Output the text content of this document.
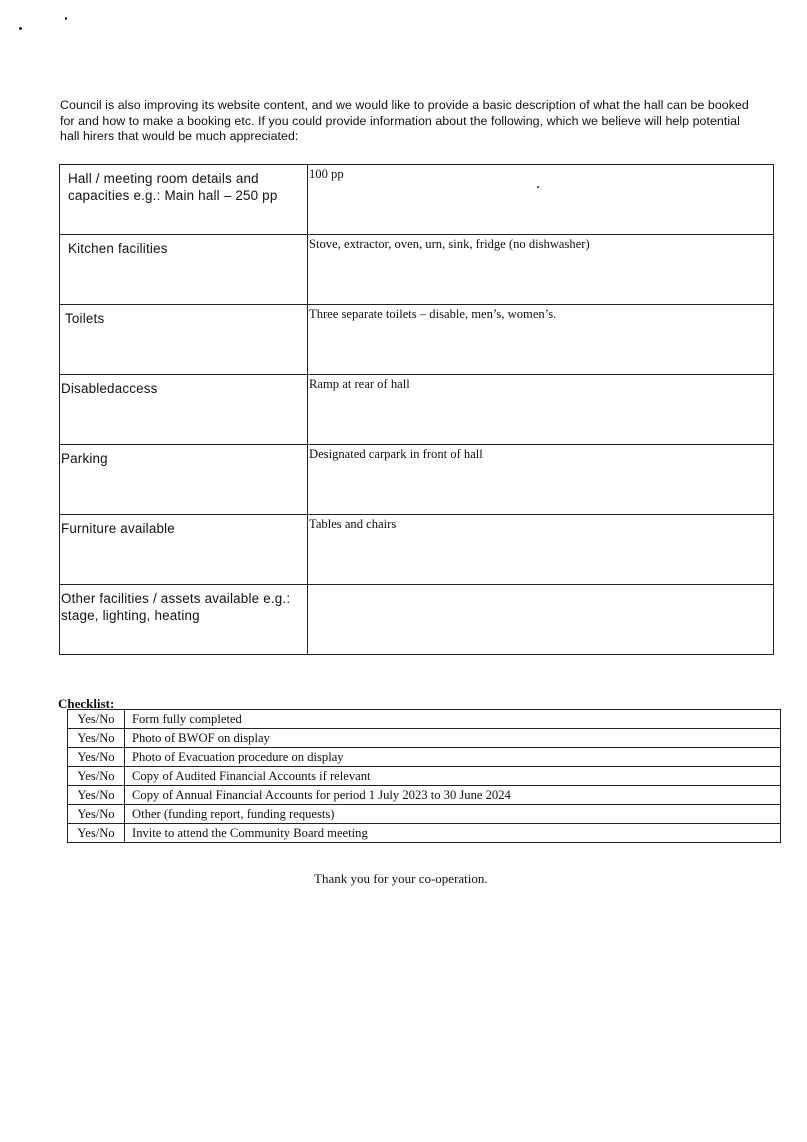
Council is also improving its website content, and we would like to provide a basic description of what the hall can be booked for and how to make a booking etc. If you could provide information about the following, which we believe will help potential hall hirers that would be much appreciated:

Hall / meeting room details and capacities e.g.: Main hall – 250 pp	100 pp

Kitchen facilities	Stove, extractor, oven, urn, sink, fridge (no dishwasher)

Toilets	Three separate toilets – disable, men’s, women’s.

Disabledaccess	Ramp at rear of hall

Parking	Designated carpark in front of hall

Furniture available	Tables and chairs

Other facilities / assets available e.g.: stage, lighting, heating	

Checklist:
Yes/No	Form fully completed
Yes/No	Photo of BWOF on display
Yes/No	Photo of Evacuation procedure on display
Yes/No	Copy of Audited Financial Accounts if relevant
Yes/No	Copy of Annual Financial Accounts for period 1 July 2023 to 30 June 2024
Yes/No	Other (funding report, funding requests)
Yes/No	Invite to attend the Community Board meeting
Thank you for your co-operation.
